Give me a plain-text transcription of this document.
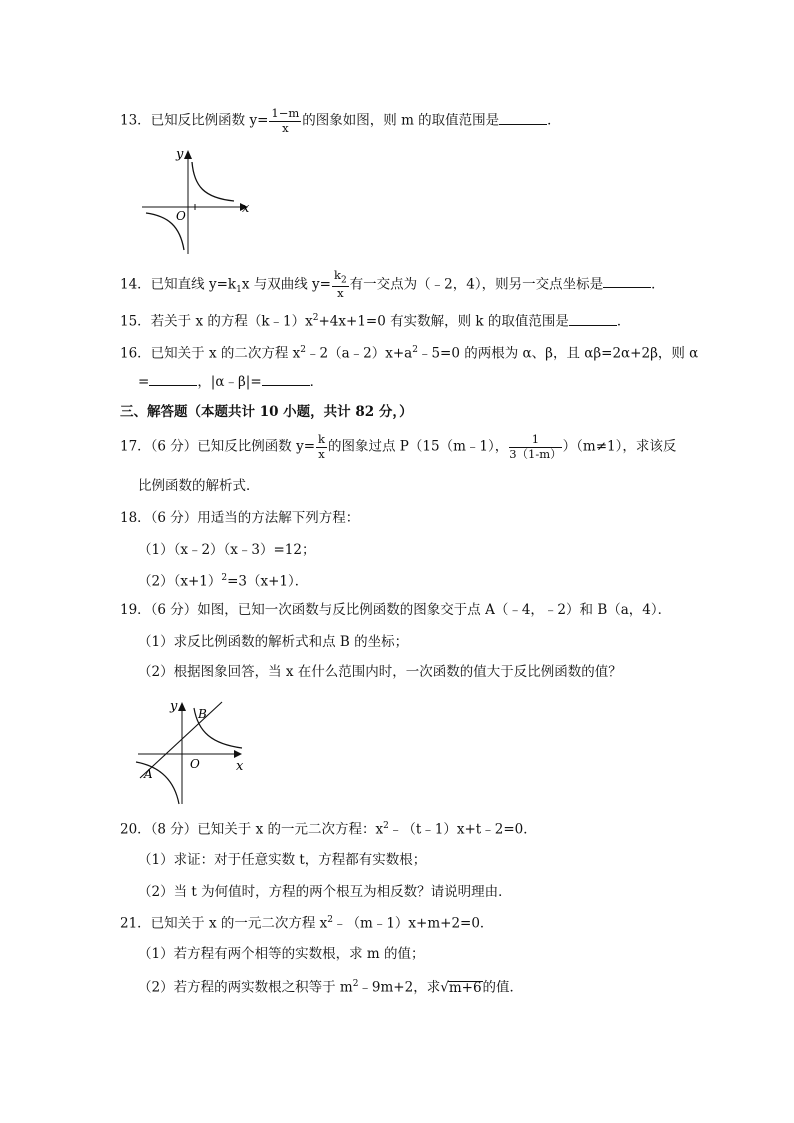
13．已知反比例函数 $y= \frac{1-m}{x}$ 的图象如图，则 m 的取值范围是	．
y
x
O
14．已知直线 $y=k_1x$ 与双曲线 $y= \frac{k_2}{x}$ 有一交点为（﹣2，4），则另一交点坐标是	．
15．若关于 x 的方程$(k﹣1)x^2+4x+1=0$ 有实数解，则 k 的取值范围是	．
16．已知关于 x 的二次方程 $x^2﹣2(a﹣2)x+a^2﹣5=0$ 的两根为 α、β，且 αβ=2α+2β，则 α
=	，|α﹣β|=	．
三、解答题（本题共计 10 小题，共计 82 分，）
17．（6 分）已知反比例函数 $y= \frac{k}{x}$ 的图象过点 P（15（m﹣1）， $\frac{1}{3(1-m)} )(m\ne 1)$，求该反
比例函数的解析式．
18．（6 分）用适当的方法解下列方程：
（1）（x﹣2）（x﹣3）=12；
$(2)(x+1)^2=3(x+1)$．
19．（6 分）如图，已知一次函数与反比例函数的图象交于点 A（﹣4，﹣2）和 B（a，4）．
（1）求反比例函数的解析式和点 B 的坐标；
（2）根据图象回答，当 x 在什么范围内时，一次函数的值大于反比例函数的值？
y B
O	x
A
20．（8 分）已知关于 x 的一元二次方程：$x^2﹣(t﹣1)x+t﹣2=0$．
（1）求证：对于任意实数 t，方程都有实数根；
（2）当 t 为何值时，方程的两个根互为相反数？请说明理由．
21．已知关于 x 的一元二次方程 $x^2﹣(m﹣1)x+m+2=0$．
（1）若方程有两个相等的实数根，求 m 的值；
（2）若方程的两实数根之积等于 $m^2﹣9m+2$，求√m+6的值．
